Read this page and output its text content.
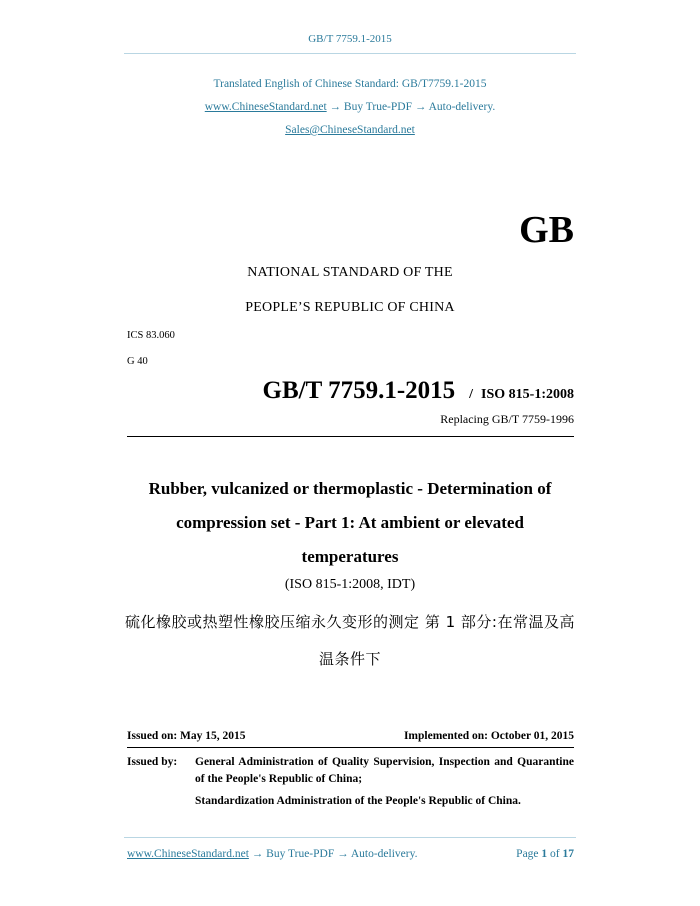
GB/T 7759.1-2015
Translated English of Chinese Standard: GB/T7759.1-2015
www.ChineseStandard.net → Buy True-PDF → Auto-delivery.
Sales@ChineseStandard.net
GB
NATIONAL STANDARD OF THE
PEOPLE’S REPUBLIC OF CHINA
ICS 83.060
G 40
GB/T 7759.1-2015 / ISO 815-1:2008
Replacing GB/T 7759-1996
Rubber, vulcanized or thermoplastic - Determination of
compression set - Part 1: At ambient or elevated
temperatures
(ISO 815-1:2008, IDT)
硫化橡胶或热塑性橡胶压缩永久变形的测定 第 1 部分:在常温及高
温条件下
Issued on: May 15, 2015	Implemented on: October 01, 2015
Issued by: General Administration of Quality Supervision, Inspection and Quarantine of the People's Republic of China;
Standardization Administration of the People's Republic of China.
www.ChineseStandard.net → Buy True-PDF → Auto-delivery.	Page 1 of 17
